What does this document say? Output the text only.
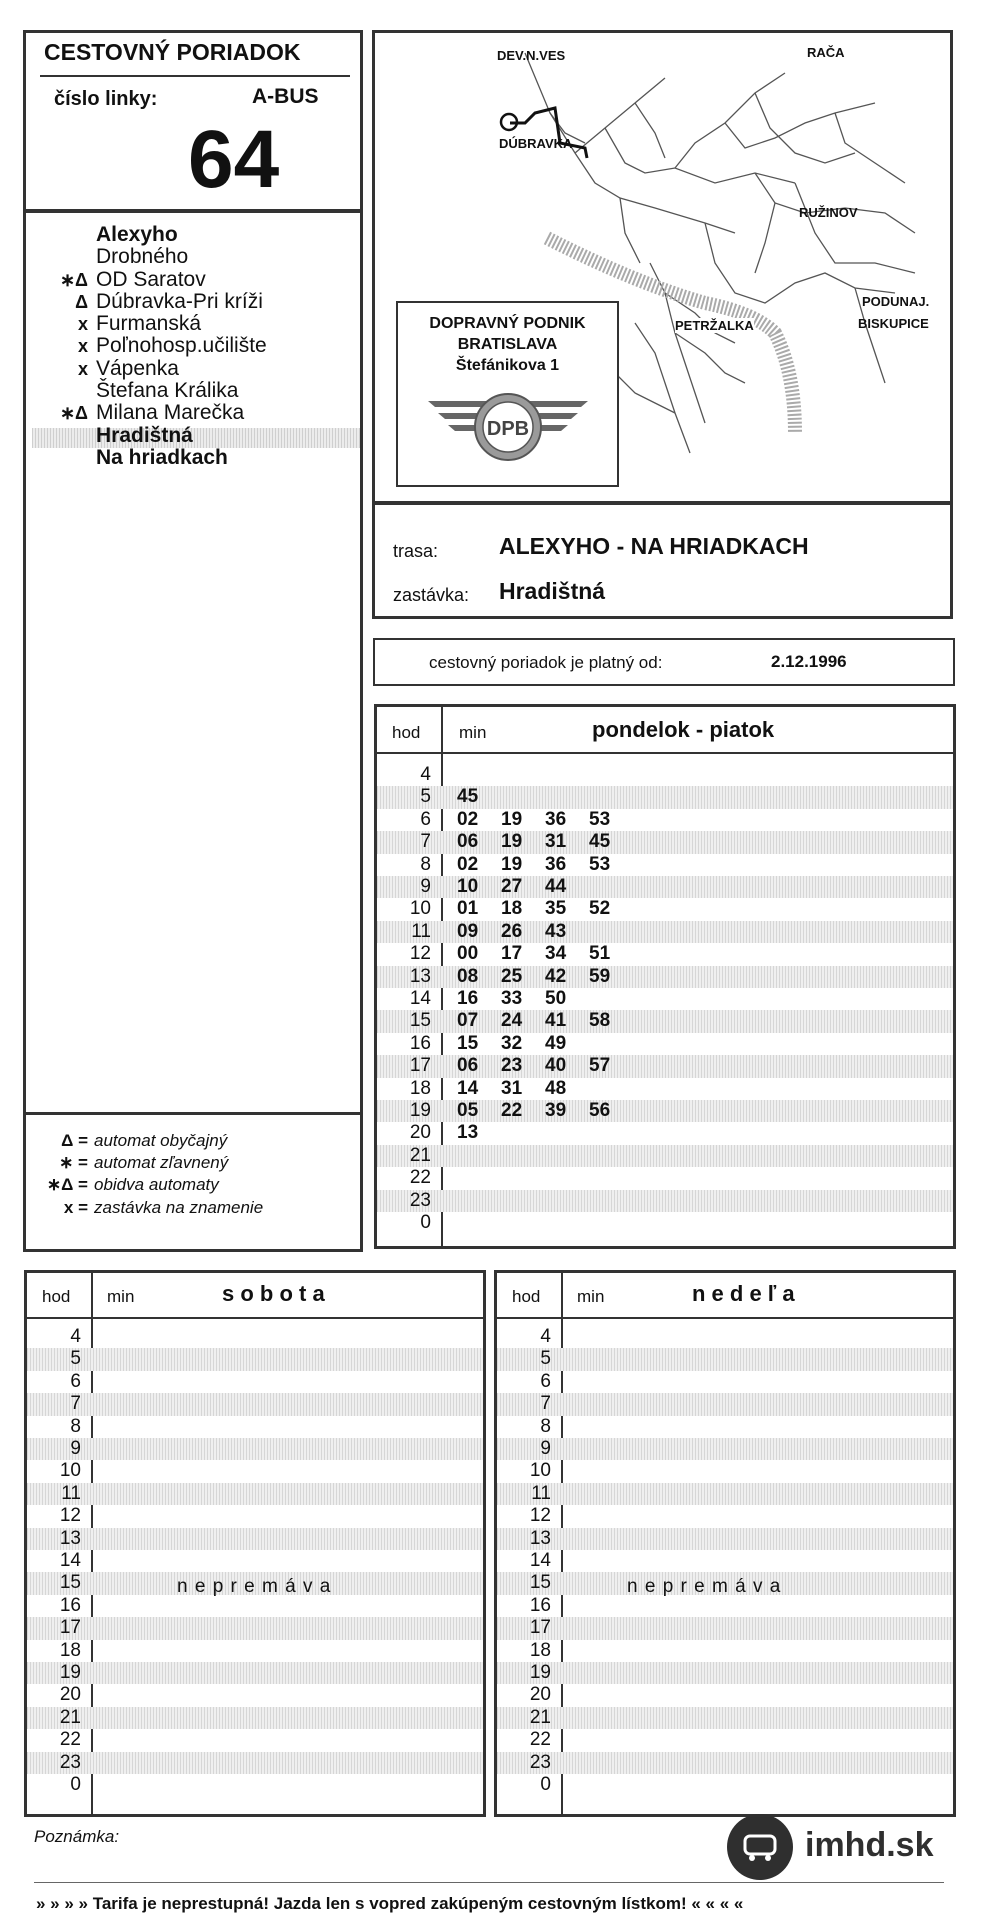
CESTOVNÝ PORIADOK
číslo linky:	A-BUS
64
Alexyho
Drobného
∗Δ OD Saratov
Δ Dúbravka-Pri kríži
x Furmanská
x Poľnohosp.učilište
x Vápenka
Štefana Králika
∗Δ Milana Marečka
Hradištná
Na hriadkach
Δ = automat obyčajný
∗ = automat zľavnený
∗Δ = obidva automaty
x = zastávka na znamenie
DEV.N.VES	RAČA
DÚBRAVKA
RUŽINOV
PETRŽALKA
PODUNAJ.
BISKUPICE
DOPRAVNÝ PODNIK
BRATISLAVA
Štefánikova 1
DPB
trasa:	ALEXYHO - NA HRIADKACH
zastávka: Hradištná
cestovný poriadok je platný od:	2.12.1996
hod min	pondelok - piatok
4
5 45
6 02 19 36 53
7 06 19 31 45
8 02 19 36 53
9 10 27 44
10 01 18 35 52
11 09 26 43
12 00 17 34 51
13 08 25 42 59
14 16 33 50
15 07 24 41 58
16 15 32 49
17 06 23 40 57
18 14 31 48
19 05 22 39 56
20 13
21
22
23
0
hod min	s o b o t a
4
5
6
7
8
9
10
11
12
13
14
15
16
17
18
19
20
21
22
23
0
n e p r e m á v a
hod min	n e d e ľ a
4
5
6
7
8
9
10
11
12
13
14
15
16
17
18
19
20
21
22
23
0
n e p r e m á v a
Poznámka:	imhd.sk
» » » » Tarifa je neprestupná! Jazda len s vopred zakúpeným cestovným lístkom! « « « «
